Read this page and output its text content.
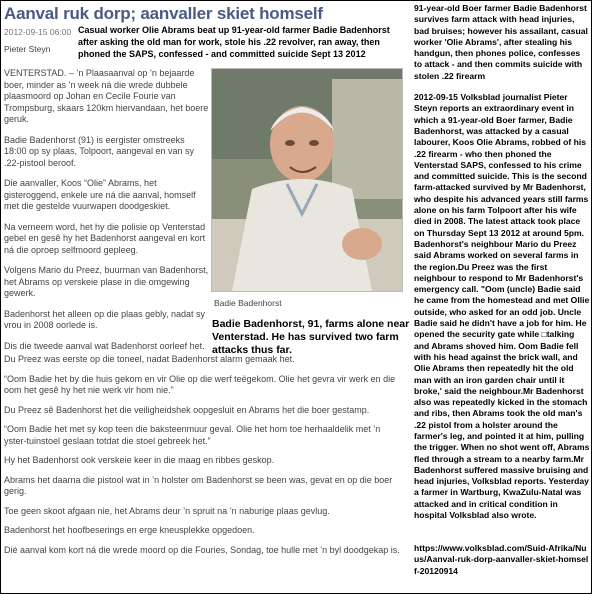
Aanval ruk dorp; aanvaller skiet homself
2012-09-15 06:00
Pieter Steyn
Casual worker Olie Abrams beat up 91-year-old farmer Badie Badenhorst after asking the old man for work, stole his .22 revolver, ran away, then phoned the SAPS, confessed - and committed suicide Sept 13 2012

VENTERSTAD. – ’n Plaasaanval op ’n bejaarde boer, minder as ’n week ná die wrede dubbele plaasmoord op Johan en Cecile Fourie van Trompsburg, skaars 120km hiervandaan, het boere geruk.

Badie Badenhorst (91) is eergister omstreeks 18:00 op sy plaas, Tolpoort, aangeval en van sy .22-pistool beroof.

Die aanvaller, Koos “Olie” Abrams, het gisteroggend, enkele ure ná die aanval, homself met die gestelde vuurwapen doodgeskiet.

Na verneem word, het hy die polisie op Venterstad gebel en gesê hy het Badenhorst aangeval en kort ná die oproep selfmoord gepleeg.

Volgens Mario du Preez, buurman van Badenhorst, het Abrams op verskeie plase in die omgewing gewerk.

Badenhorst het alleen op die plaas gebly, nadat sy vrou in 2008 oorlede is.

Dis die tweede aanval wat Badenhorst oorleef het.

Badie Badenhorst
Badie Badenhorst, 91, farms alone near Venterstad. He has survived two farm attacks thus far.

Du Preez was eerste op die toneel, nadat Badenhorst alarm gemaak het.

“Oom Badie het by die huis gekom en vir Olie op die werf teëgekom. Olie het gevra vir werk en die oom het gesê hy het nie werk vir hom nie.”

Du Preez sê Badenhorst het die veiligheidshek oopgesluit en Abrams het die boer gestamp.

“Oom Badie het met sy kop teen die baksteenmuur geval. Olie het hom toe herhaaldelik met ’n yster-tuinstoel geslaan totdat die stoel gebreek het.”

Hy het Badenhorst ook verskeie keer in die maag en ribbes geskop.

Abrams het daarna die pistool wat in ’n holster om Badenhorst se been was, gevat en op die boer gerig.

Toe geen skoot afgaan nie, het Abrams deur ’n spruit na ’n naburige plaas gevlug.

Badenhorst het hoofbeserings en erge kneusplekke opgedoen.

Dié aanval kom kort ná die wrede moord op die Fouries, Sondag, toe hulle met ’n byl doodgekap is.

91-year-old Boer farmer Badie Badenhorst survives farm attack with head injuries, bad bruises; however his assailant, casual worker 'Olie Abrams', after stealing his handgun, then phones police, confesses to attack - and then commits suicide with stolen .22 firearm

2012-09-15 Volksblad journalist Pieter Steyn reports an extraordinary event in which a 91-year-old Boer farmer, Badie Badenhorst, was attacked by a casual labourer, Koos Olie Abrams, robbed of his .22 firearm - who then phoned the Venterstad SAPS, confessed to his crime and committed suicide. This is the second farm-attacked survived by Mr Badenhorst, who despite his advanced years still farms alone on his farm Tolpoort after his wife died in 2008. The latest attack took place on Thursday Sept 13 2012 at around 5pm. Badenhorst's neighbour Mario du Preez said Abrams worked on several farms in the region.Du Preez was the first neighbour to respond to Mr Badenhorst's emergency call. "Oom (uncle) Badie said he came from the homestead and met Ollie outside, who asked for an odd job. Uncle Badie said he didn't have a job for him. He opened the security gate while □talking and Abrams shoved him. Oom Badie fell with his head against the brick wall, and Olie Abrams then repeatedly hit the old man with an iron garden chair until it broke,' said the neighbour.Mr Badenhorst also was repeatedly kicked in the stomach and ribs, then Abrams took the old man's .22 pistol from a holster around the farmer's leg, and pointed it at him, pulling the trigger. When no shot went off, Abrams fled through a stream to a nearby farm.Mr Badenhorst suffered massive bruising and head injuries, Volksblad reports. Yesterday a farmer in Wartburg, KwaZulu-Natal was attacked and in critical condition in hospital Volksblad also wrote.

https://www.volksblad.com/Suid-Afrika/Nuus/Aanval-ruk-dorp-aanvaller-skiet-homself-20120914
